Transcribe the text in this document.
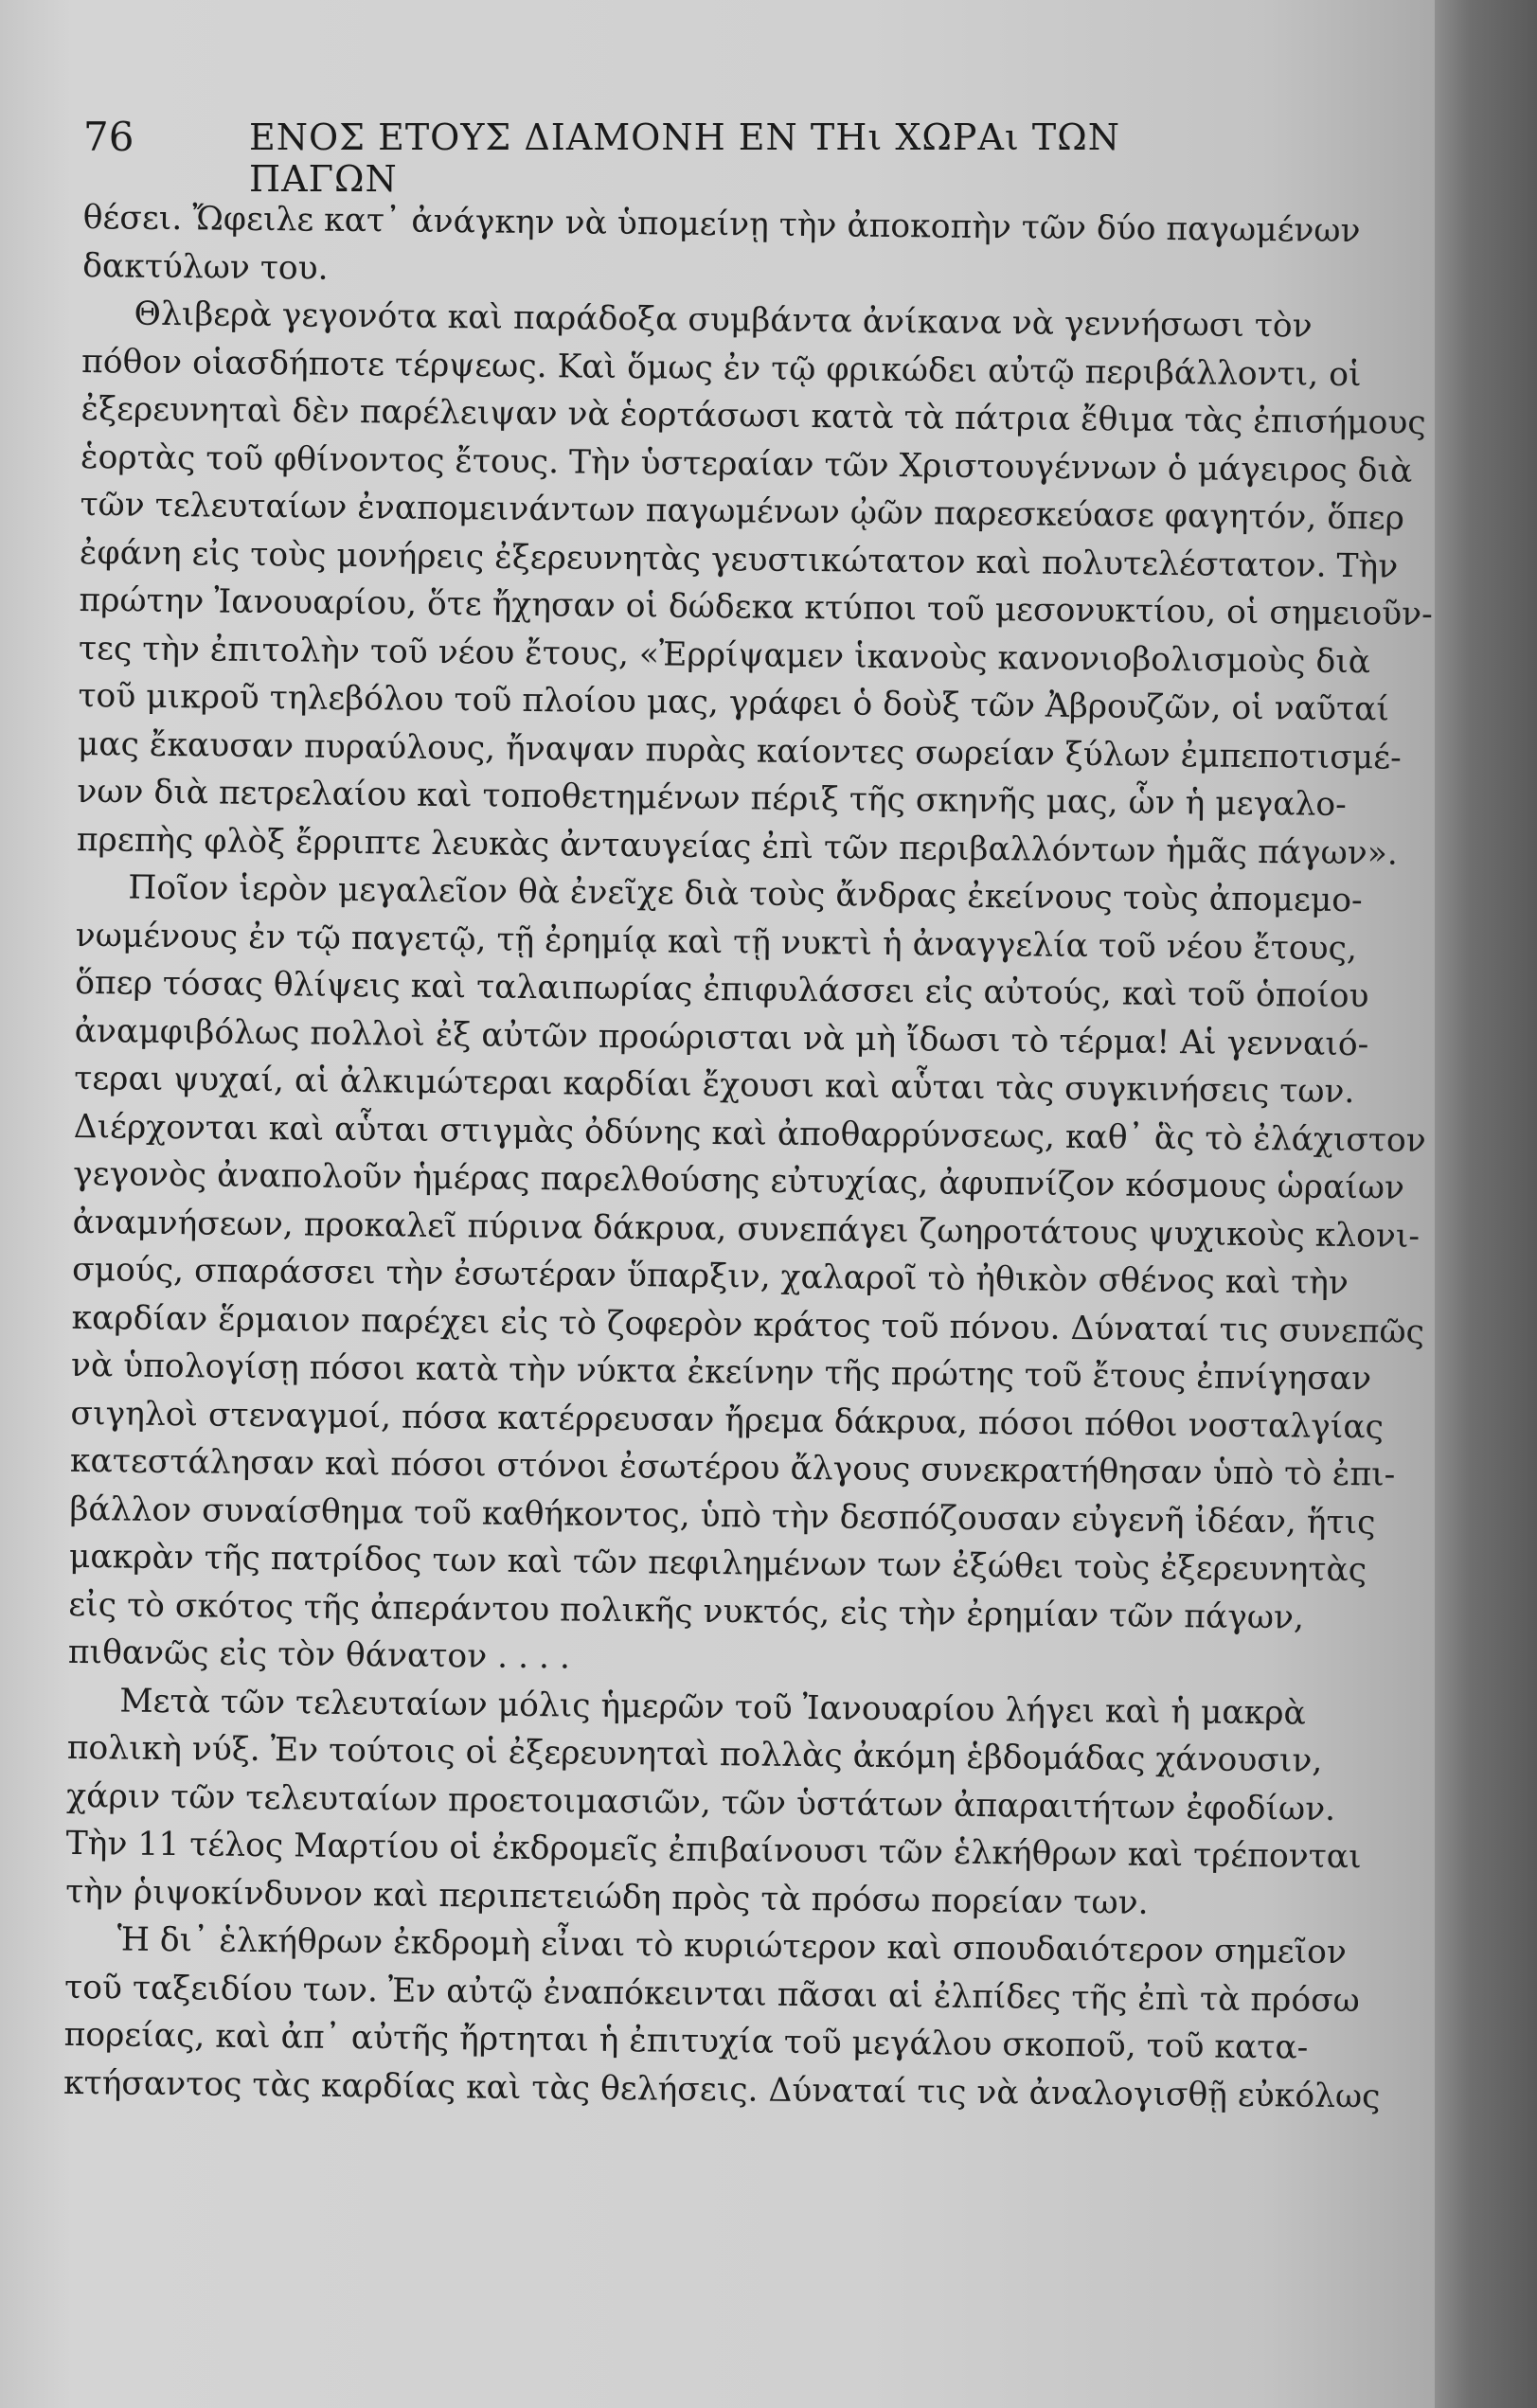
76	ΕΝΟΣ ΕΤΟΥΣ ΔΙΑΜΟΝΗ ΕΝ ΤΗι ΧΩΡΑι ΤΩΝ ΠΑΓΩΝ
θέσει. Ὤφειλε κατ᾽ ἀνάγκην νὰ ὑπομείνῃ τὴν ἀποκοπὴν τῶν δύο παγωμένων
δακτύλων του.
Θλιβερὰ γεγονότα καὶ παράδοξα συμβάντα ἀνίκανα νὰ γεννήσωσι τὸν
πόθον οἱασδήποτε τέρψεως. Καὶ ὅμως ἐν τῷ φρικώδει αὐτῷ περιβάλλοντι, οἱ
ἐξερευνηταὶ δὲν παρέλειψαν νὰ ἑορτάσωσι κατὰ τὰ πάτρια ἔθιμα τὰς ἐπισήμους
ἑορτὰς τοῦ φθίνοντος ἔτους. Τὴν ὑστεραίαν τῶν Χριστουγέννων ὁ μάγειρος διὰ
τῶν τελευταίων ἐναπομεινάντων παγωμένων ᾠῶν παρεσκεύασε φαγητόν, ὅπερ
ἐφάνη εἰς τοὺς μονήρεις ἐξερευνητὰς γευστικώτατον καὶ πολυτελέστατον. Τὴν
πρώτην Ἰανουαρίου, ὅτε ἤχησαν οἱ δώδεκα κτύποι τοῦ μεσονυκτίου, οἱ σημειοῦν-
τες τὴν ἐπιτολὴν τοῦ νέου ἔτους, «Ἐρρίψαμεν ἱκανοὺς κανονιοβολισμοὺς διὰ
τοῦ μικροῦ τηλεβόλου τοῦ πλοίου μας, γράφει ὁ δοὺξ τῶν Ἀβρουζῶν, οἱ ναῦταί
μας ἔκαυσαν πυραύλους, ἤναψαν πυρὰς καίοντες σωρείαν ξύλων ἐμπεποτισμέ-
νων διὰ πετρελαίου καὶ τοποθετημένων πέριξ τῆς σκηνῆς μας, ὧν ἡ μεγαλο-
πρεπὴς φλὸξ ἔρριπτε λευκὰς ἀνταυγείας ἐπὶ τῶν περιβαλλόντων ἡμᾶς πάγων».
Ποῖον ἱερὸν μεγαλεῖον θὰ ἐνεῖχε διὰ τοὺς ἄνδρας ἐκείνους τοὺς ἀπομεμο-
νωμένους ἐν τῷ παγετῷ, τῇ ἐρημίᾳ καὶ τῇ νυκτὶ ἡ ἀναγγελία τοῦ νέου ἔτους,
ὅπερ τόσας θλίψεις καὶ ταλαιπωρίας ἐπιφυλάσσει εἰς αὐτούς, καὶ τοῦ ὁποίου
ἀναμφιβόλως πολλοὶ ἐξ αὐτῶν προώρισται νὰ μὴ ἴδωσι τὸ τέρμα! Αἱ γενναιό-
τεραι ψυχαί, αἱ ἀλκιμώτεραι καρδίαι ἔχουσι καὶ αὗται τὰς συγκινήσεις των.
Διέρχονται καὶ αὗται στιγμὰς ὀδύνης καὶ ἀποθαρρύνσεως, καθ᾽ ἃς τὸ ἐλάχιστον
γεγονὸς ἀναπολοῦν ἡμέρας παρελθούσης εὐτυχίας, ἀφυπνίζον κόσμους ὡραίων
ἀναμνήσεων, προκαλεῖ πύρινα δάκρυα, συνεπάγει ζωηροτάτους ψυχικοὺς κλονι-
σμούς, σπαράσσει τὴν ἐσωτέραν ὕπαρξιν, χαλαροῖ τὸ ἠθικὸν σθένος καὶ τὴν
καρδίαν ἕρμαιον παρέχει εἰς τὸ ζοφερὸν κράτος τοῦ πόνου. Δύναταί τις συνεπῶς
νὰ ὑπολογίσῃ πόσοι κατὰ τὴν νύκτα ἐκείνην τῆς πρώτης τοῦ ἔτους ἐπνίγησαν
σιγηλοὶ στεναγμοί, πόσα κατέρρευσαν ἤρεμα δάκρυα, πόσοι πόθοι νοσταλγίας
κατεστάλησαν καὶ πόσοι στόνοι ἐσωτέρου ἄλγους συνεκρατήθησαν ὑπὸ τὸ ἐπι-
βάλλον συναίσθημα τοῦ καθήκοντος, ὑπὸ τὴν δεσπόζουσαν εὐγενῆ ἰδέαν, ἥτις
μακρὰν τῆς πατρίδος των καὶ τῶν πεφιλημένων των ἐξώθει τοὺς ἐξερευνητὰς
εἰς τὸ σκότος τῆς ἀπεράντου πολικῆς νυκτός, εἰς τὴν ἐρημίαν τῶν πάγων,
πιθανῶς εἰς τὸν θάνατον . . . .
Μετὰ τῶν τελευταίων μόλις ἡμερῶν τοῦ Ἰανουαρίου λήγει καὶ ἡ μακρὰ
πολικὴ νύξ. Ἐν τούτοις οἱ ἐξερευνηταὶ πολλὰς ἀκόμη ἑβδομάδας χάνουσιν,
χάριν τῶν τελευταίων προετοιμασιῶν, τῶν ὑστάτων ἀπαραιτήτων ἐφοδίων.
Τὴν 11 τέλος Μαρτίου οἱ ἐκδρομεῖς ἐπιβαίνουσι τῶν ἑλκήθρων καὶ τρέπονται
τὴν ῥιψοκίνδυνον καὶ περιπετειώδη πρὸς τὰ πρόσω πορείαν των.
Ἡ δι᾽ ἑλκήθρων ἐκδρομὴ εἶναι τὸ κυριώτερον καὶ σπουδαιότερον σημεῖον
τοῦ ταξειδίου των. Ἐν αὐτῷ ἐναπόκεινται πᾶσαι αἱ ἐλπίδες τῆς ἐπὶ τὰ πρόσω
πορείας, καὶ ἀπ᾽ αὐτῆς ἤρτηται ἡ ἐπιτυχία τοῦ μεγάλου σκοποῦ, τοῦ κατα-
κτήσαντος τὰς καρδίας καὶ τὰς θελήσεις. Δύναταί τις νὰ ἀναλογισθῇ εὐκόλως
